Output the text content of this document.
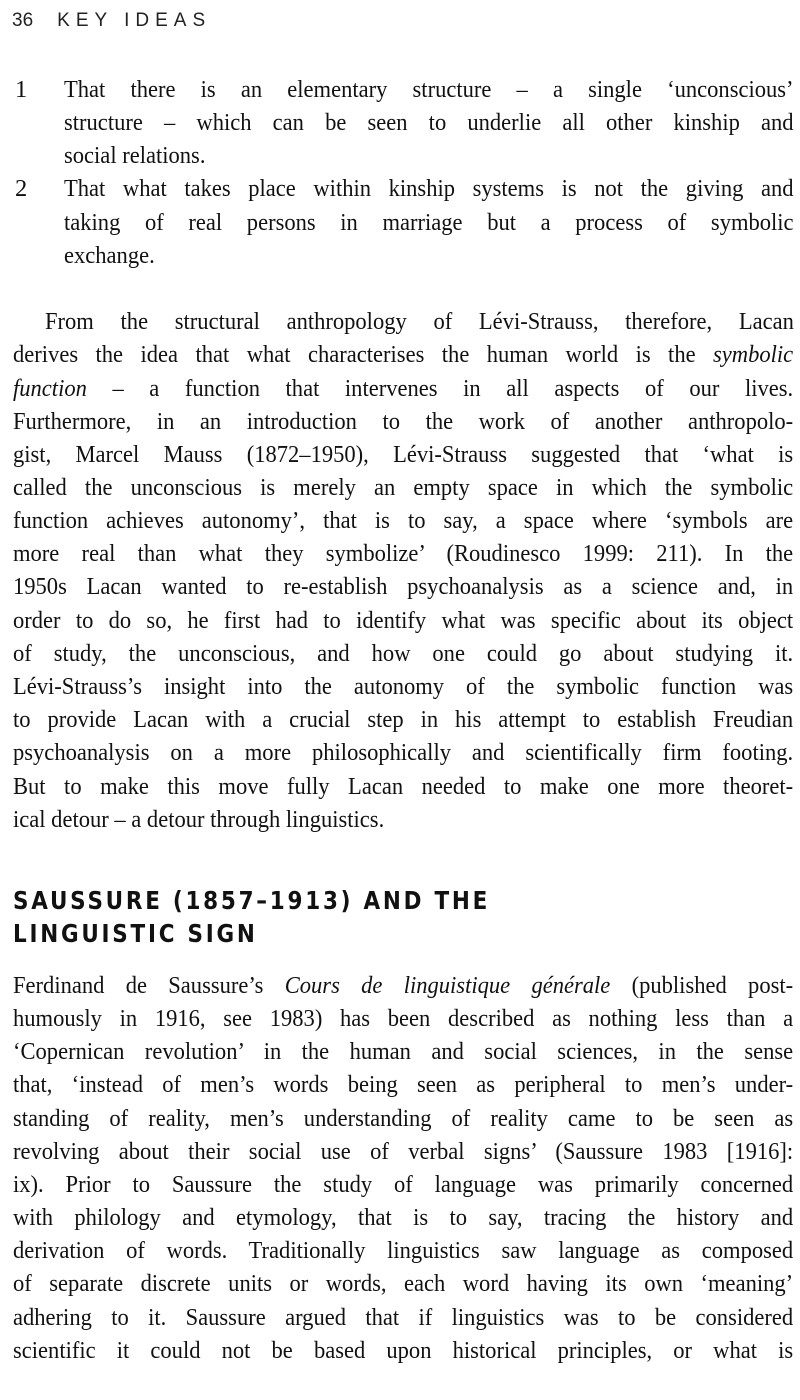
36 KEY IDEAS
1 That there is an elementary structure – a single ‘unconscious’
structure – which can be seen to underlie all other kinship and
social relations.
2 That what takes place within kinship systems is not the giving and
taking of real persons in marriage but a process of symbolic
exchange.
From the structural anthropology of Lévi-Strauss, therefore, Lacan
derives the idea that what characterises the human world is the symbolic
function – a function that intervenes in all aspects of our lives.
Furthermore, in an introduction to the work of another anthropolo-
gist, Marcel Mauss (1872–1950), Lévi-Strauss suggested that ‘what is
called the unconscious is merely an empty space in which the symbolic
function achieves autonomy’, that is to say, a space where ‘symbols are
more real than what they symbolize’ (Roudinesco 1999: 211). In the
1950s Lacan wanted to re-establish psychoanalysis as a science and, in
order to do so, he first had to identify what was specific about its object
of study, the unconscious, and how one could go about studying it.
Lévi-Strauss’s insight into the autonomy of the symbolic function was
to provide Lacan with a crucial step in his attempt to establish Freudian
psychoanalysis on a more philosophically and scientifically firm footing.
But to make this move fully Lacan needed to make one more theoret-
ical detour – a detour through linguistics.
SAUSSURE (1857–1913) AND THE
LINGUISTIC SIGN
Ferdinand de Saussure’s Cours de linguistique générale (published post-
humously in 1916, see 1983) has been described as nothing less than a
‘Copernican revolution’ in the human and social sciences, in the sense
that, ‘instead of men’s words being seen as peripheral to men’s under-
standing of reality, men’s understanding of reality came to be seen as
revolving about their social use of verbal signs’ (Saussure 1983 [1916]:
ix). Prior to Saussure the study of language was primarily concerned
with philology and etymology, that is to say, tracing the history and
derivation of words. Traditionally linguistics saw language as composed
of separate discrete units or words, each word having its own ‘meaning’
adhering to it. Saussure argued that if linguistics was to be considered
scientific it could not be based upon historical principles, or what is
